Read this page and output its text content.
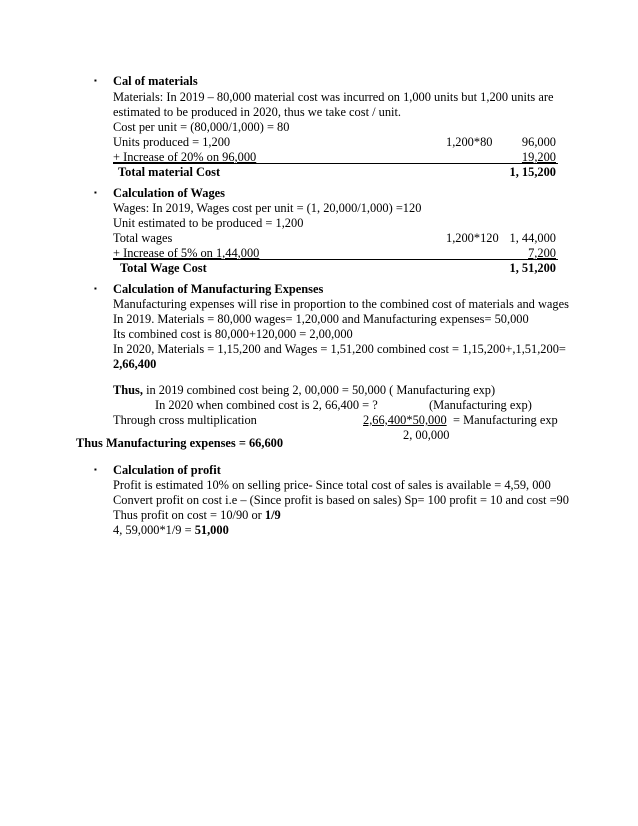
▪ Cal of materials
Materials: In 2019 – 80,000 material cost was incurred on 1,000 units but 1,200 units are
estimated to be produced in 2020, thus we take cost / unit.
Cost per unit = (80,000/1,000) = 80
Units produced = 1,200	1,200*80	96,000
+ Increase of 20% on 96,000	19,200
Total material Cost	1, 15,200
▪ Calculation of Wages
Wages: In 2019, Wages cost per unit = (1, 20,000/1,000) =120
Unit estimated to be produced = 1,200
Total wages	1,200*120 1, 44,000
+ Increase of 5% on 1,44,000	7,200
Total Wage Cost	1, 51,200
▪ Calculation of Manufacturing Expenses
Manufacturing expenses will rise in proportion to the combined cost of materials and wages
In 2019. Materials = 80,000 wages= 1,20,000 and Manufacturing expenses= 50,000
Its combined cost is 80,000+120,000 = 2,00,000
In 2020, Materials = 1,15,200 and Wages = 1,51,200 combined cost = 1,15,200+,1,51,200=
2,66,400
Thus, in 2019 combined cost being 2, 00,000 = 50,000 ( Manufacturing exp)
In 2020 when combined cost is 2, 66,400 = ?	(Manufacturing exp)
Through cross multiplication	2,66,400*50,000 = Manufacturing exp
2, 00,000
Thus Manufacturing expenses = 66,600
▪ Calculation of profit
Profit is estimated 10% on selling price- Since total cost of sales is available = 4,59, 000
Convert profit on cost i.e – (Since profit is based on sales) Sp= 100 profit = 10 and cost =90
Thus profit on cost = 10/90 or 1/9
4, 59,000*1/9 = 51,000
